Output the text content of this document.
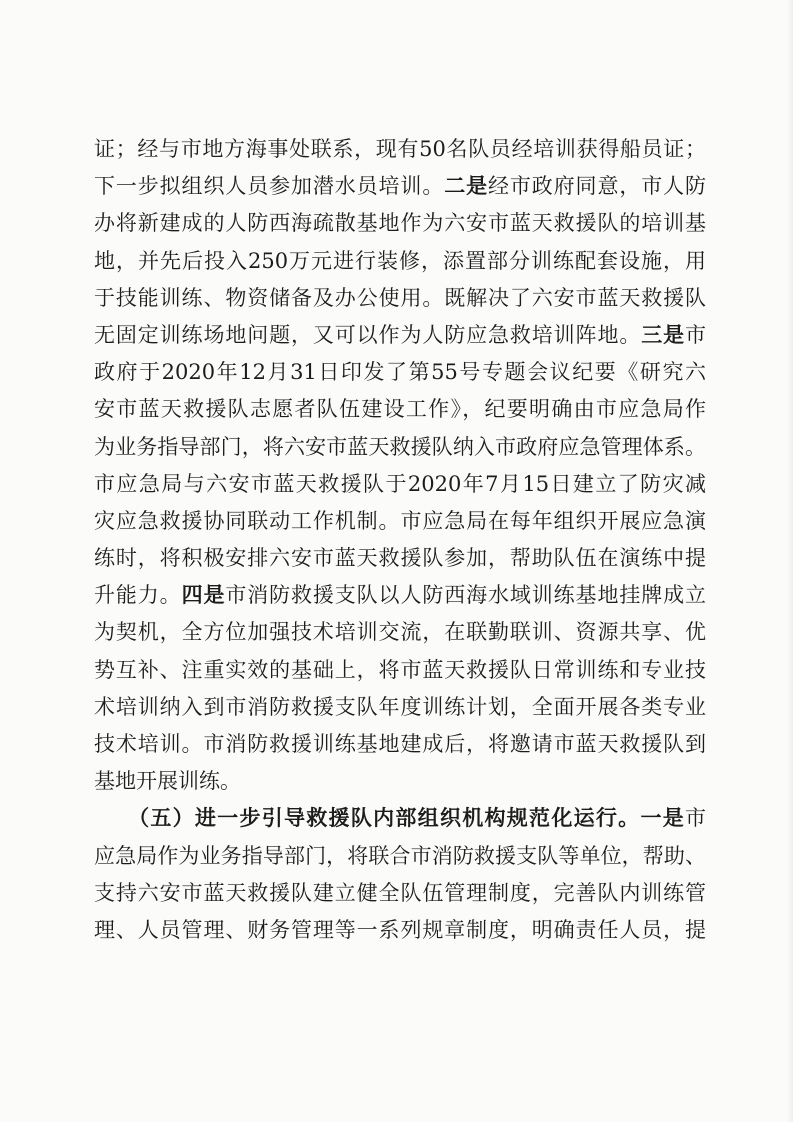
证；经与市地方海事处联系，现有50名队员经培训获得船员证；
下一步拟组织人员参加潜水员培训。二是经市政府同意，市人防
办将新建成的人防西海疏散基地作为六安市蓝天救援队的培训基
地，并先后投入250万元进行装修，添置部分训练配套设施，用
于技能训练、物资储备及办公使用。既解决了六安市蓝天救援队
无固定训练场地问题，又可以作为人防应急救培训阵地。三是市
政府于2020年12月31日印发了第55号专题会议纪要《研究六
安市蓝天救援队志愿者队伍建设工作》，纪要明确由市应急局作
为业务指导部门，将六安市蓝天救援队纳入市政府应急管理体系。
市应急局与六安市蓝天救援队于2020年7月15日建立了防灾减
灾应急救援协同联动工作机制。市应急局在每年组织开展应急演
练时，将积极安排六安市蓝天救援队参加，帮助队伍在演练中提
升能力。四是市消防救援支队以人防西海水域训练基地挂牌成立
为契机，全方位加强技术培训交流，在联勤联训、资源共享、优
势互补、注重实效的基础上，将市蓝天救援队日常训练和专业技
术培训纳入到市消防救援支队年度训练计划，全面开展各类专业
技术培训。市消防救援训练基地建成后，将邀请市蓝天救援队到
基地开展训练。
　　（五）进一步引导救援队内部组织机构规范化运行。一是市
应急局作为业务指导部门，将联合市消防救援支队等单位，帮助、
支持六安市蓝天救援队建立健全队伍管理制度，完善队内训练管
理、人员管理、财务管理等一系列规章制度，明确责任人员，提
